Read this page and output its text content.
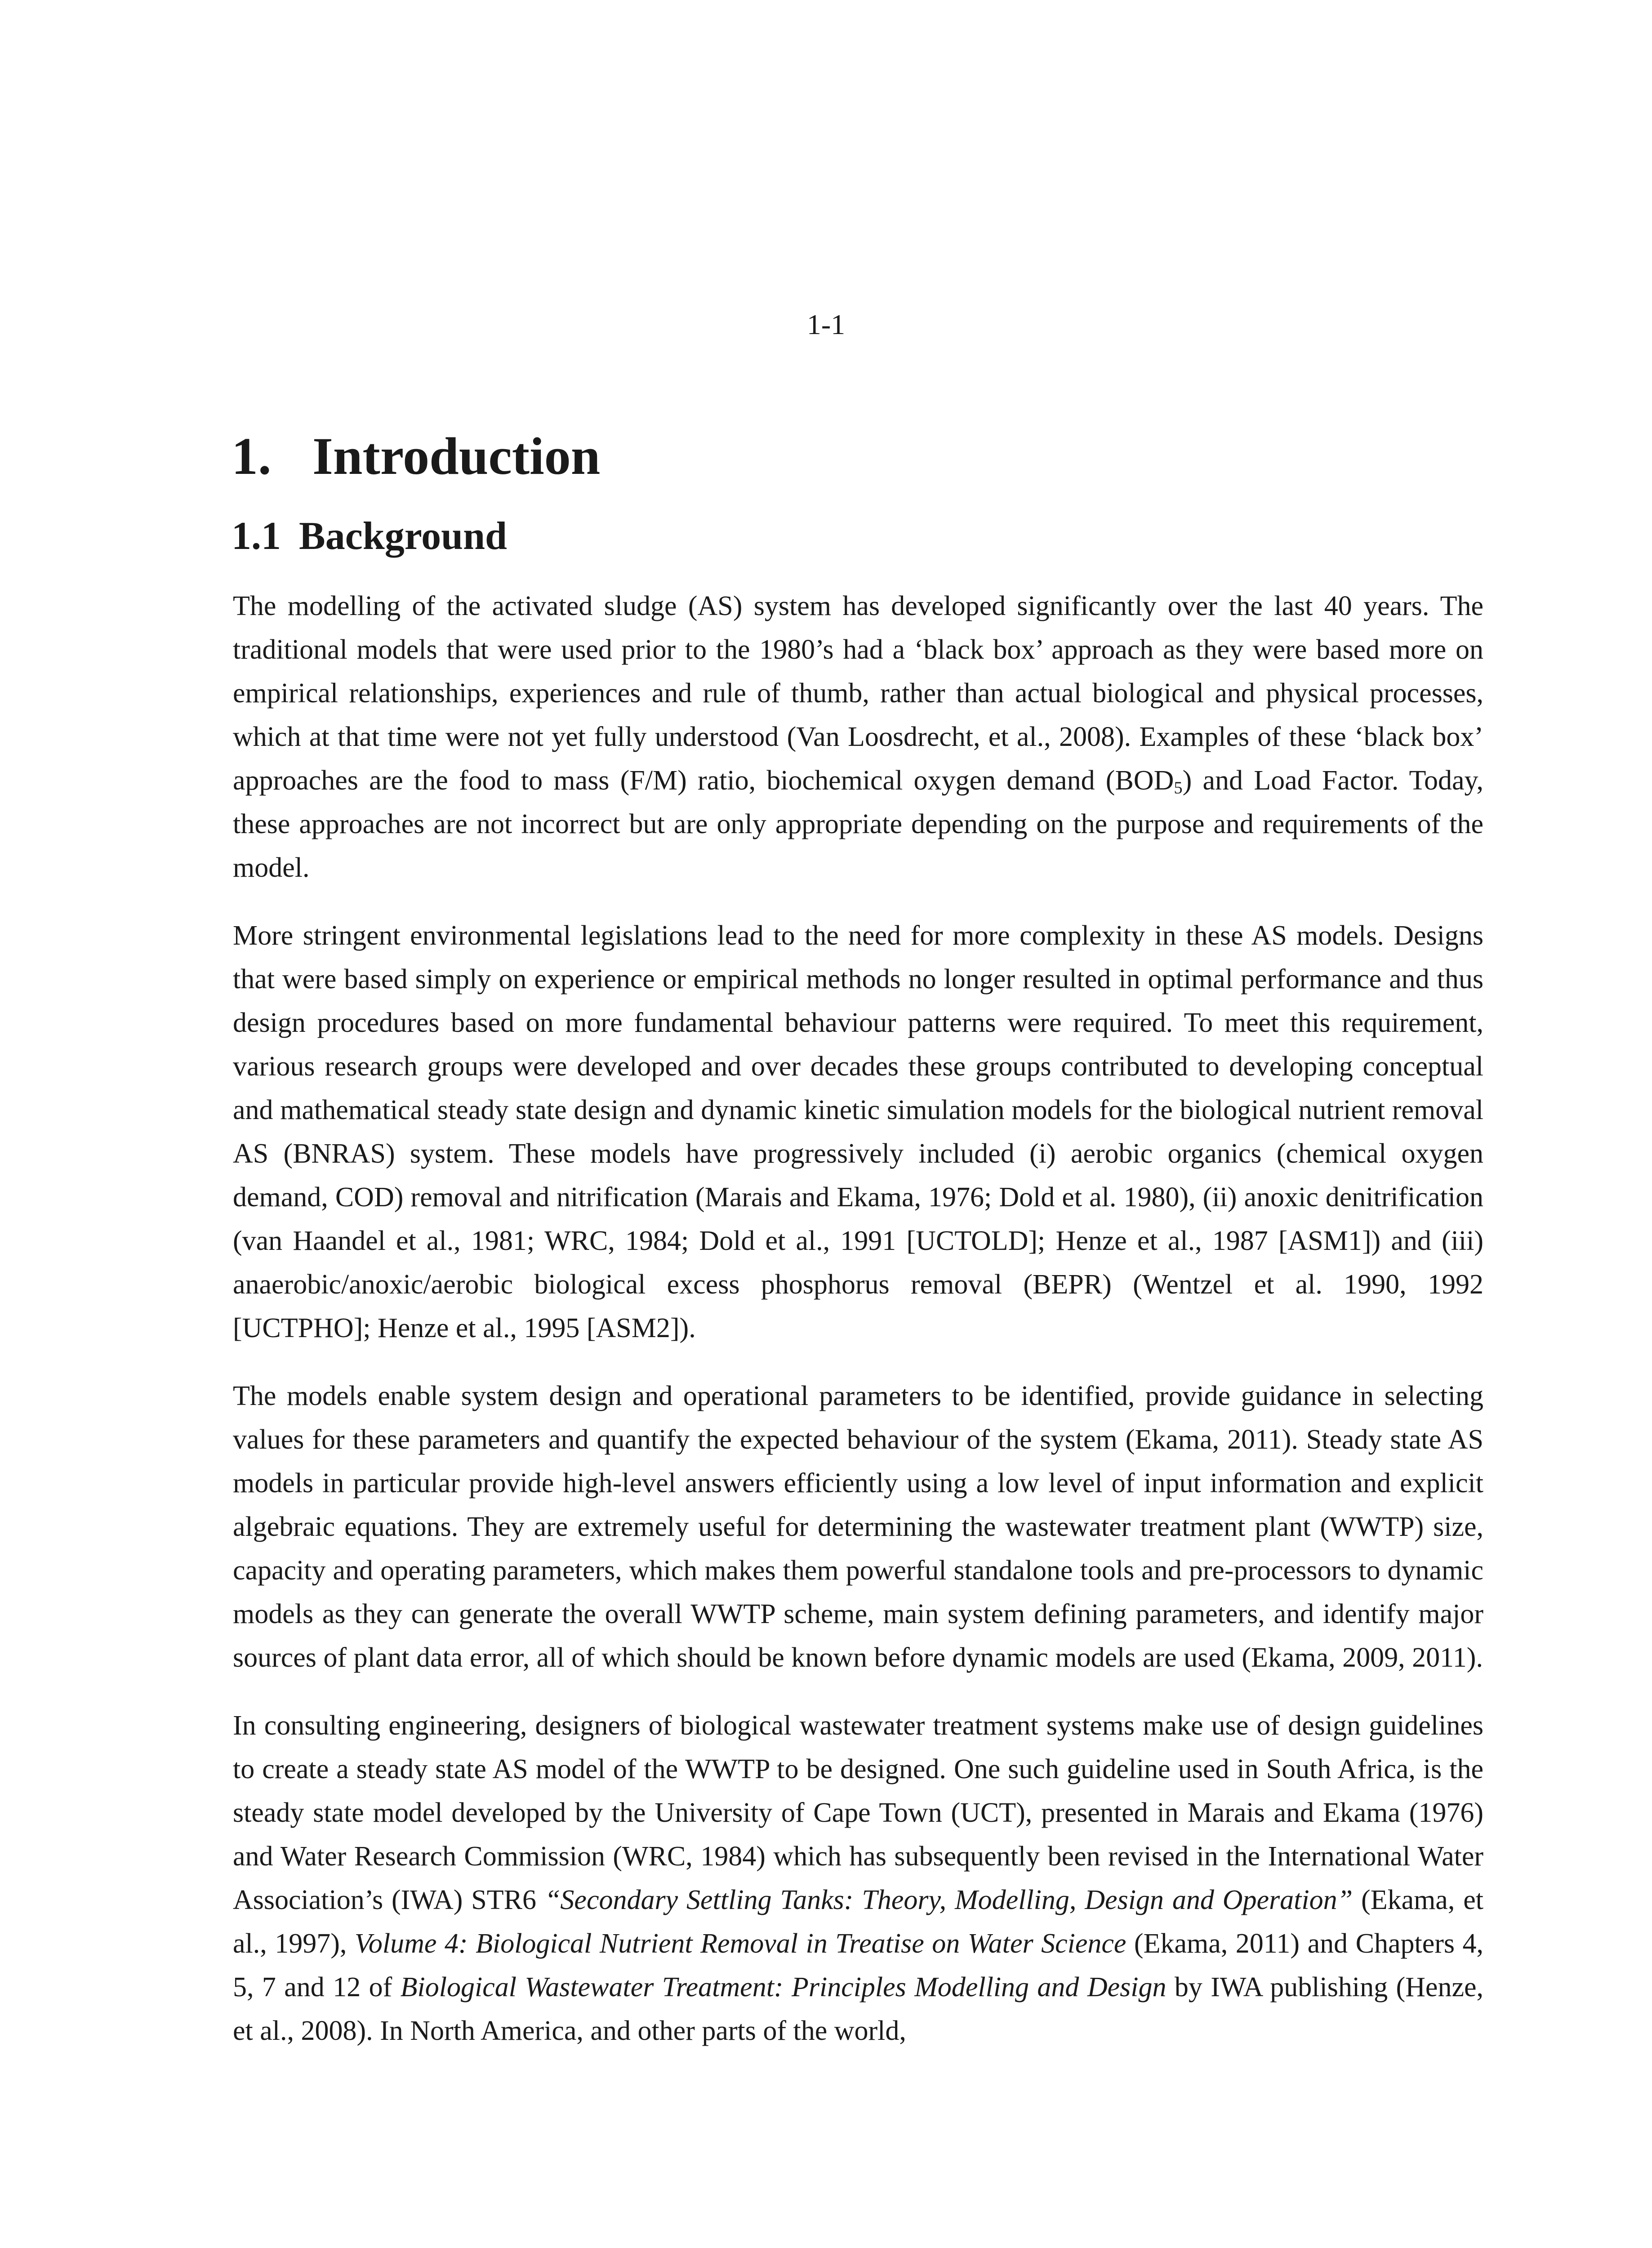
1-1
1. Introduction
1.1 Background

The modelling of the activated sludge (AS) system has developed significantly over the last 40 years. The traditional models that were used prior to the 1980’s had a ‘black box’ approach as they were based more on empirical relationships, experiences and rule of thumb, rather than actual biological and physical processes, which at that time were not yet fully understood (Van Loosdrecht, et al., 2008). Examples of these ‘black box’ approaches are the food to mass (F/M) ratio, biochemical oxygen demand $(BOD_5)$ and Load Factor. Today, these approaches are not incorrect but are only appropriate depending on the purpose and requirements of the model.

More stringent environmental legislations lead to the need for more complexity in these AS models. Designs that were based simply on experience or empirical methods no longer resulted in optimal performance and thus design procedures based on more fundamental behaviour patterns were required. To meet this requirement, various research groups were developed and over decades these groups contributed to developing conceptual and mathematical steady state design and dynamic kinetic simulation models for the biological nutrient removal AS (BNRAS) system. These models have progressively included (i) aerobic organics (chemical oxygen demand, COD) removal and nitrification (Marais and Ekama, 1976; Dold et al. 1980), (ii) anoxic denitrification (van Haandel et al., 1981; WRC, 1984; Dold et al., 1991 [UCTOLD]; Henze et al., 1987 [ASM1]) and (iii) anaerobic/anoxic/aerobic biological excess phosphorus removal (BEPR) (Wentzel et al. 1990, 1992 [UCTPHO]; Henze et al., 1995 [ASM2]).

The models enable system design and operational parameters to be identified, provide guidance in selecting values for these parameters and quantify the expected behaviour of the system (Ekama, 2011). Steady state AS models in particular provide high-level answers efficiently using a low level of input information and explicit algebraic equations. They are extremely useful for determining the wastewater treatment plant (WWTP) size, capacity and operating parameters, which makes them powerful standalone tools and pre-processors to dynamic models as they can generate the overall WWTP scheme, main system defining parameters, and identify major sources of plant data error, all of which should be known before dynamic models are used (Ekama, 2009, 2011).

In consulting engineering, designers of biological wastewater treatment systems make use of design guidelines to create a steady state AS model of the WWTP to be designed. One such guideline used in South Africa, is the steady state model developed by the University of Cape Town (UCT), presented in Marais and Ekama (1976) and Water Research Commission (WRC, 1984) which has subsequently been revised in the International Water Association’s (IWA) STR6 “Secondary Settling Tanks: Theory, Modelling, Design and Operation” (Ekama, et al., 1997), Volume 4: Biological Nutrient Removal in Treatise on Water Science (Ekama, 2011) and Chapters 4, 5, 7 and 12 of Biological Wastewater Treatment: Principles Modelling and Design by IWA publishing (Henze, et al., 2008). In North America, and other parts of the world,
